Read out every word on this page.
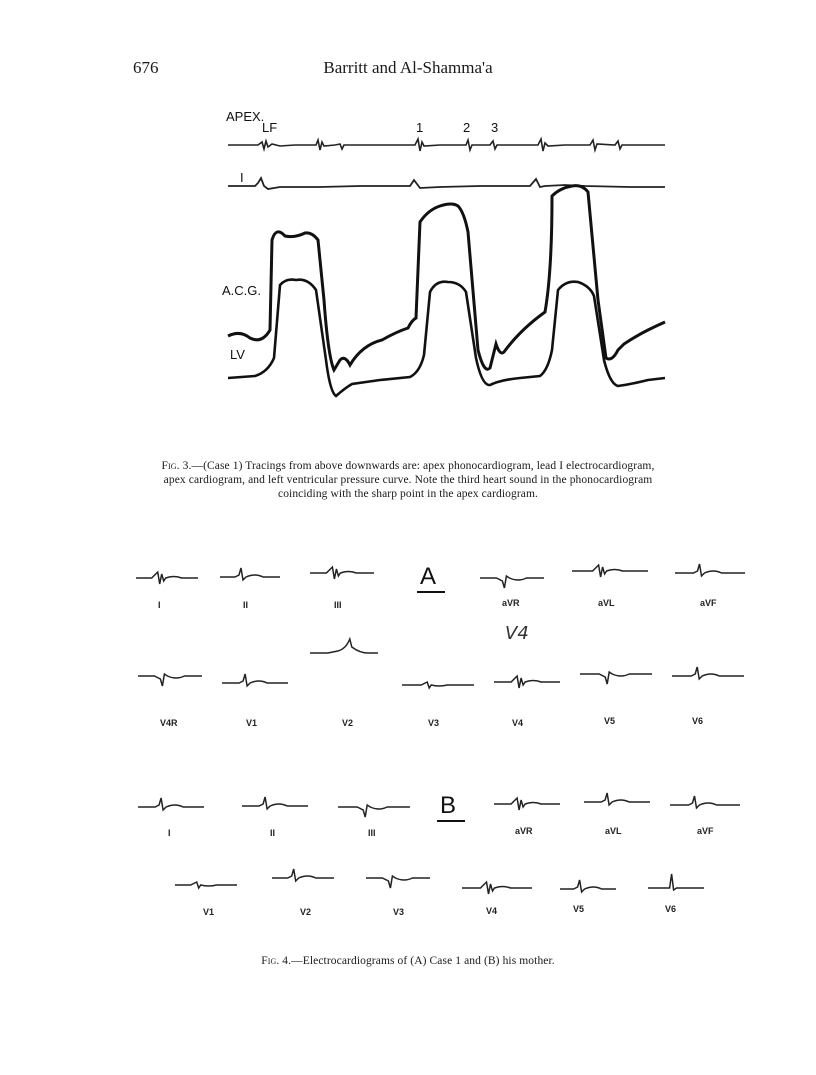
676	Barritt and Al-Shamma'a
APEX.
LF	1	2 3
I
A.C.G.
LV
Fig. 3.—(Case 1) Tracings from above downwards are: apex phonocardiogram, lead I electrocardiogram, apex cardiogram, and left ventricular pressure curve. Note the third heart sound in the phonocardiogram coinciding with the sharp point in the apex cardiogram.
A
B
V4
I	II	III	aVR	aVL	aVF
V4R	V1	V2	V3	V4	V5	V6
I	II	III	aVR	aVL	aVF
V1	V2	V3	V4	V5	V6
Fig. 4.—Electrocardiograms of (A) Case 1 and (B) his mother.
